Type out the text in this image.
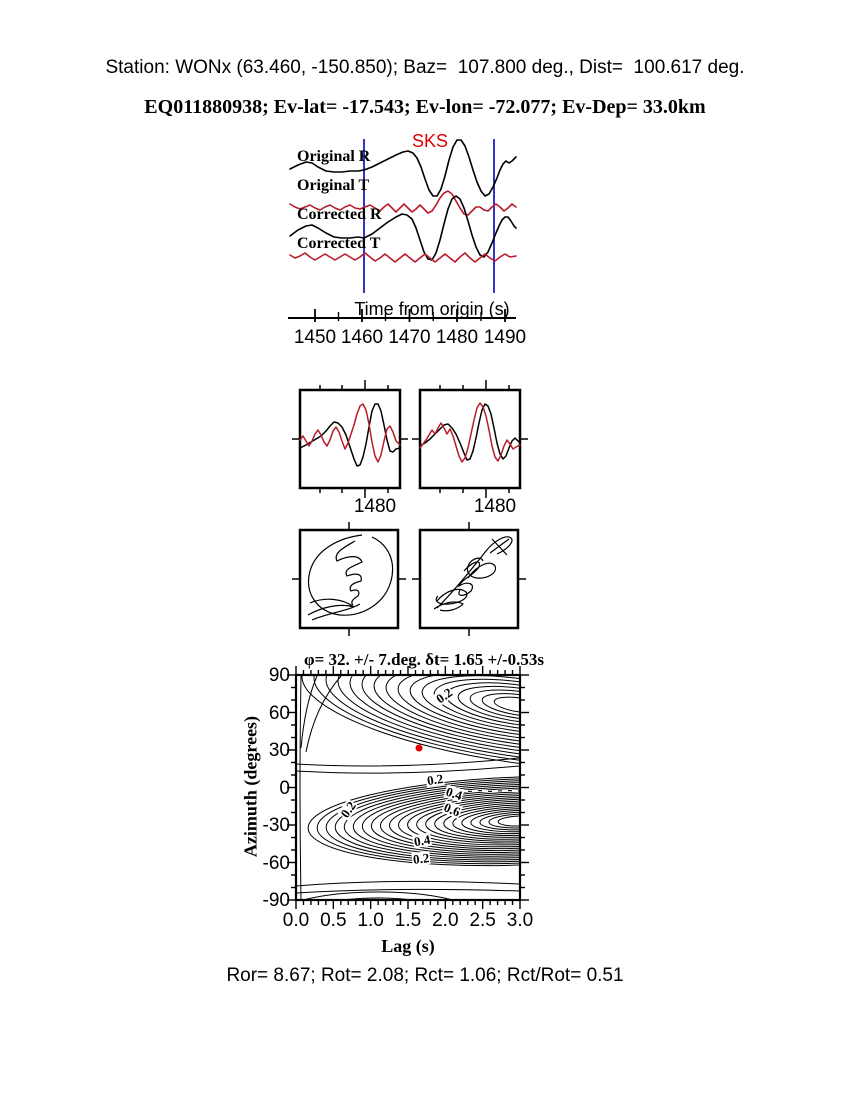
Station: WONx (63.460, -150.850); Baz=  107.800 deg., Dist=  100.617 deg.
EQ011880938; Ev-lat= -17.543; Ev-lon= -72.077; Ev-Dep= 33.0km
SKS
Original R
Original T
Corrected R
Corrected T
Time from origin (s)
1480	1480
φ= 32. +/- 7.deg. δt= 1.65 +/-0.53s
Azimuth (degrees)
Lag (s)
Ror= 8.67; Rot= 2.08; Rct= 1.06; Rct/Rot= 0.51
1450 1460 1470 1480 1490
90
60
30
0
-30
-60
-90
0.0 0.5 1.0 1.5 2.0 2.5 3.0
0.2
0.2
0.4
0.6
0.2
0.4
0.2
